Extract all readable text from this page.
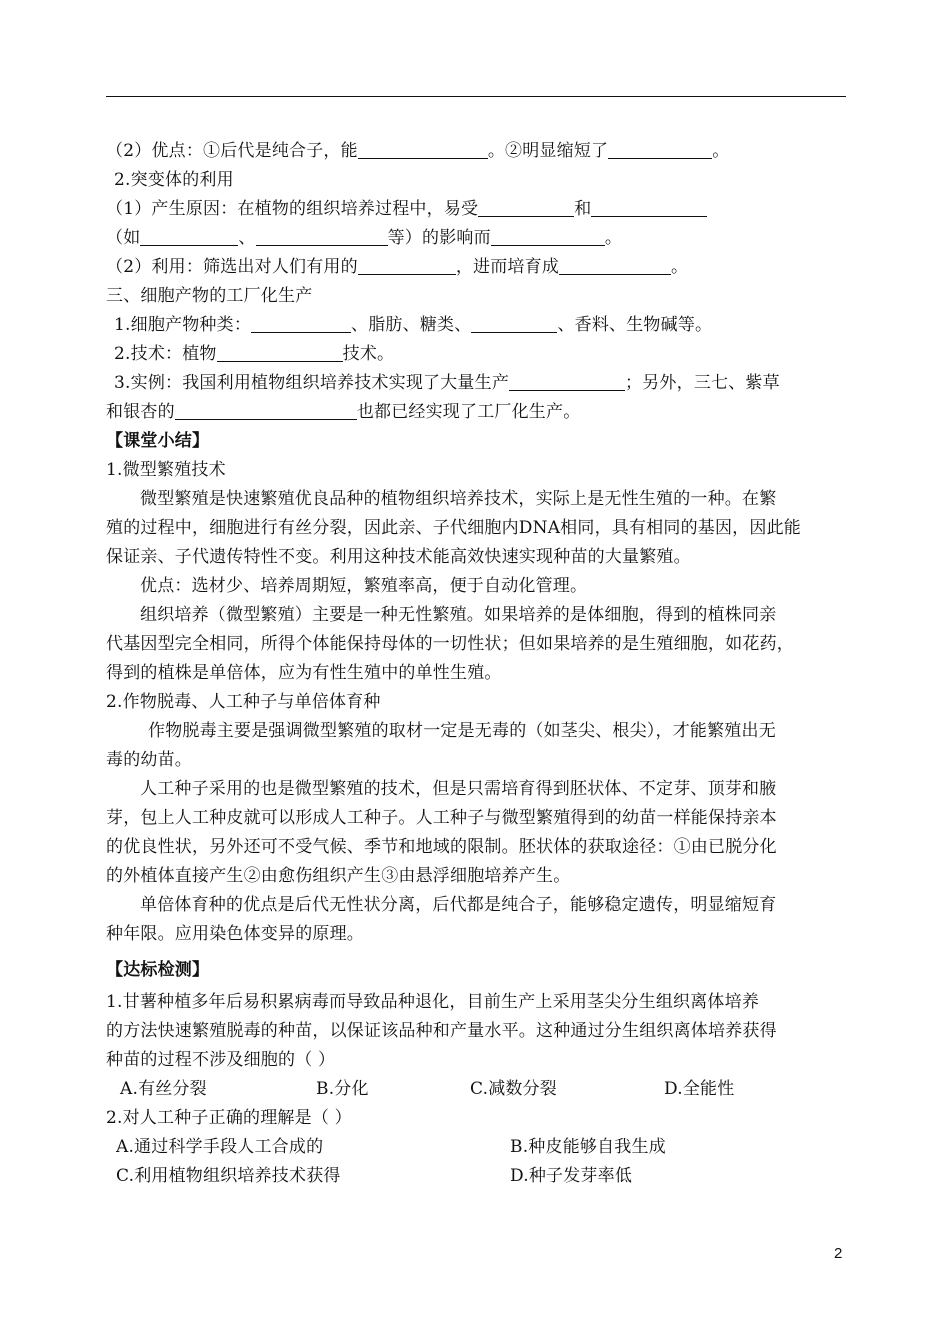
（2）优点：①后代是纯合子，能	。②明显缩短了	。
2.突变体的利用
（1）产生原因：在植物的组织培养过程中，易受	和
（如	、	等）的影响而	。
（2）利用：筛选出对人们有用的	，进而培育成	。
三、细胞产物的工厂化生产
1.细胞产物种类：	、脂肪、糖类、	、香料、生物碱等。
2.技术：植物	技术。
3.实例：我国利用植物组织培养技术实现了大量生产	；另外，三七、紫草
和银杏的	也都已经实现了工厂化生产。
【课堂小结】
1.微型繁殖技术
微型繁殖是快速繁殖优良品种的植物组织培养技术，实际上是无性生殖的一种。在繁
殖的过程中，细胞进行有丝分裂，因此亲、子代细胞内DNA相同，具有相同的基因，因此能
保证亲、子代遗传特性不变。利用这种技术能高效快速实现种苗的大量繁殖。
优点：选材少、培养周期短，繁殖率高，便于自动化管理。
组织培养（微型繁殖）主要是一种无性繁殖。如果培养的是体细胞，得到的植株同亲
代基因型完全相同，所得个体能保持母体的一切性状；但如果培养的是生殖细胞，如花药，
得到的植株是单倍体，应为有性生殖中的单性生殖。
2.作物脱毒、人工种子与单倍体育种
作物脱毒主要是强调微型繁殖的取材一定是无毒的（如茎尖、根尖），才能繁殖出无
毒的幼苗。
人工种子采用的也是微型繁殖的技术，但是只需培育得到胚状体、不定芽、顶芽和腋
芽，包上人工种皮就可以形成人工种子。人工种子与微型繁殖得到的幼苗一样能保持亲本
的优良性状，另外还可不受气候、季节和地域的限制。胚状体的获取途径：①由已脱分化
的外植体直接产生②由愈伤组织产生③由悬浮细胞培养产生。
单倍体育种的优点是后代无性状分离，后代都是纯合子，能够稳定遗传，明显缩短育
种年限。应用染色体变异的原理。
【达标检测】
1.甘薯种植多年后易积累病毒而导致品种退化，目前生产上采用茎尖分生组织离体培养
的方法快速繁殖脱毒的种苗，以保证该品种和产量水平。这种通过分生组织离体培养获得
种苗的过程不涉及细胞的（ ）
A.有丝分裂	B.分化	C.减数分裂	D.全能性
2.对人工种子正确的理解是（ ）
A.通过科学手段人工合成的	B.种皮能够自我生成
C.利用植物组织培养技术获得	D.种子发芽率低
2
